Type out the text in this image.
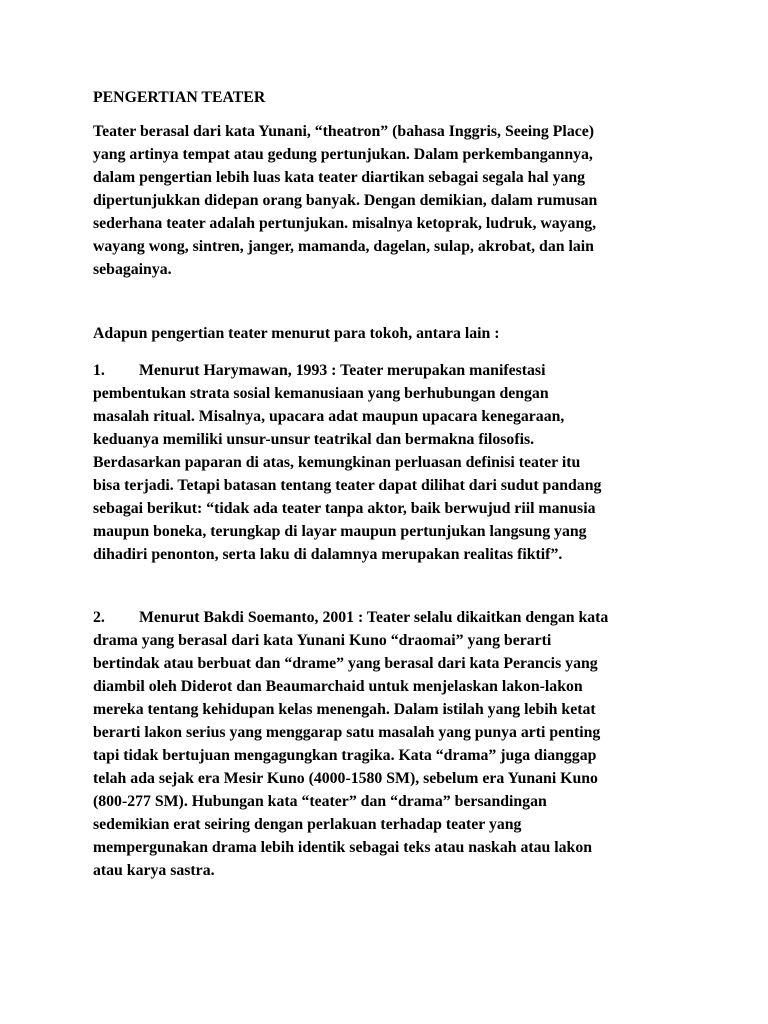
PENGERTIAN TEATER
Teater berasal dari kata Yunani, “theatron” (bahasa Inggris, Seeing Place)
yang artinya tempat atau gedung pertunjukan. Dalam perkembangannya,
dalam pengertian lebih luas kata teater diartikan sebagai segala hal yang
dipertunjukkan didepan orang banyak. Dengan demikian, dalam rumusan
sederhana teater adalah pertunjukan. misalnya ketoprak, ludruk, wayang,
wayang wong, sintren, janger, mamanda, dagelan, sulap, akrobat, dan lain
sebagainya.
Adapun pengertian teater menurut para tokoh, antara lain :
1. Menurut Harymawan, 1993 : Teater merupakan manifestasi
pembentukan strata sosial kemanusiaan yang berhubungan dengan
masalah ritual. Misalnya, upacara adat maupun upacara kenegaraan,
keduanya memiliki unsur-unsur teatrikal dan bermakna filosofis.
Berdasarkan paparan di atas, kemungkinan perluasan definisi teater itu
bisa terjadi. Tetapi batasan tentang teater dapat dilihat dari sudut pandang
sebagai berikut: “tidak ada teater tanpa aktor, baik berwujud riil manusia
maupun boneka, terungkap di layar maupun pertunjukan langsung yang
dihadiri penonton, serta laku di dalamnya merupakan realitas fiktif”.
2. Menurut Bakdi Soemanto, 2001 : Teater selalu dikaitkan dengan kata
drama yang berasal dari kata Yunani Kuno “draomai” yang berarti
bertindak atau berbuat dan “drame” yang berasal dari kata Perancis yang
diambil oleh Diderot dan Beaumarchaid untuk menjelaskan lakon-lakon
mereka tentang kehidupan kelas menengah. Dalam istilah yang lebih ketat
berarti lakon serius yang menggarap satu masalah yang punya arti penting
tapi tidak bertujuan mengagungkan tragika. Kata “drama” juga dianggap
telah ada sejak era Mesir Kuno (4000-1580 SM), sebelum era Yunani Kuno
(800-277 SM). Hubungan kata “teater” dan “drama” bersandingan
sedemikian erat seiring dengan perlakuan terhadap teater yang
mempergunakan drama lebih identik sebagai teks atau naskah atau lakon
atau karya sastra.
